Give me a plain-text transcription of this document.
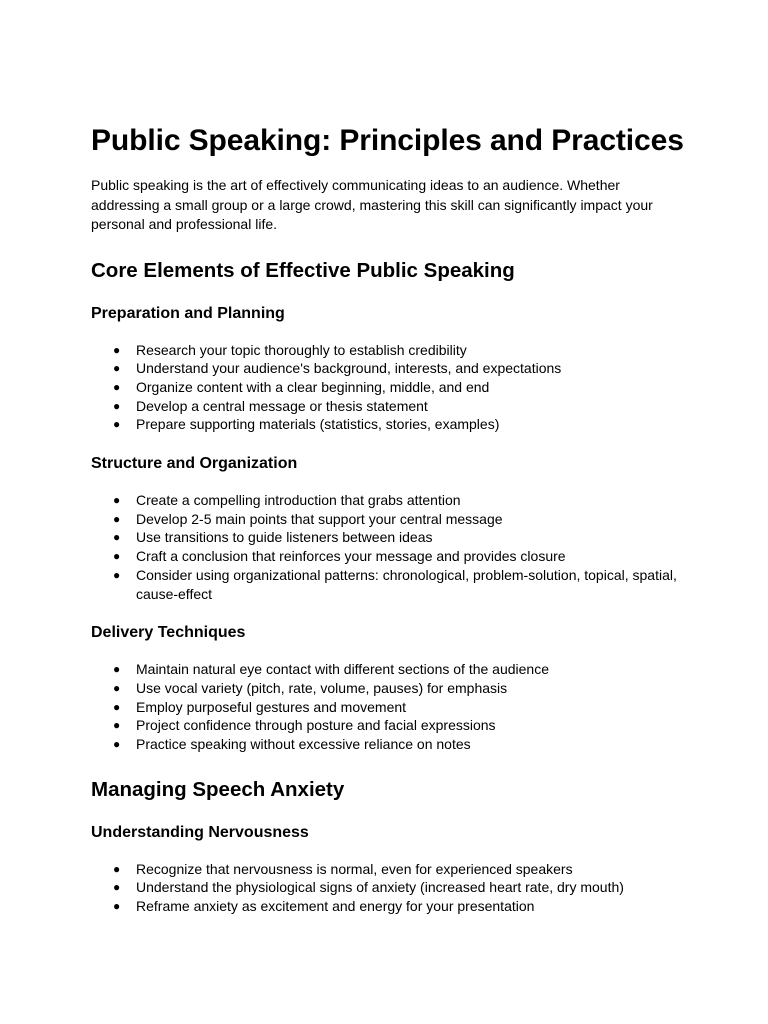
Public Speaking: Principles and Practices

Public speaking is the art of effectively communicating ideas to an audience. Whether addressing a small group or a large crowd, mastering this skill can significantly impact your personal and professional life.

Core Elements of Effective Public Speaking
Preparation and Planning
● Research your topic thoroughly to establish credibility
● Understand your audience's background, interests, and expectations
● Organize content with a clear beginning, middle, and end
● Develop a central message or thesis statement
● Prepare supporting materials (statistics, stories, examples)
Structure and Organization
● Create a compelling introduction that grabs attention
● Develop 2-5 main points that support your central message
● Use transitions to guide listeners between ideas
● Craft a conclusion that reinforces your message and provides closure
● Consider using organizational patterns: chronological, problem-solution, topical, spatial, cause-effect
Delivery Techniques
● Maintain natural eye contact with different sections of the audience
● Use vocal variety (pitch, rate, volume, pauses) for emphasis
● Employ purposeful gestures and movement
● Project confidence through posture and facial expressions
● Practice speaking without excessive reliance on notes
Managing Speech Anxiety
Understanding Nervousness
● Recognize that nervousness is normal, even for experienced speakers
● Understand the physiological signs of anxiety (increased heart rate, dry mouth)
● Reframe anxiety as excitement and energy for your presentation
